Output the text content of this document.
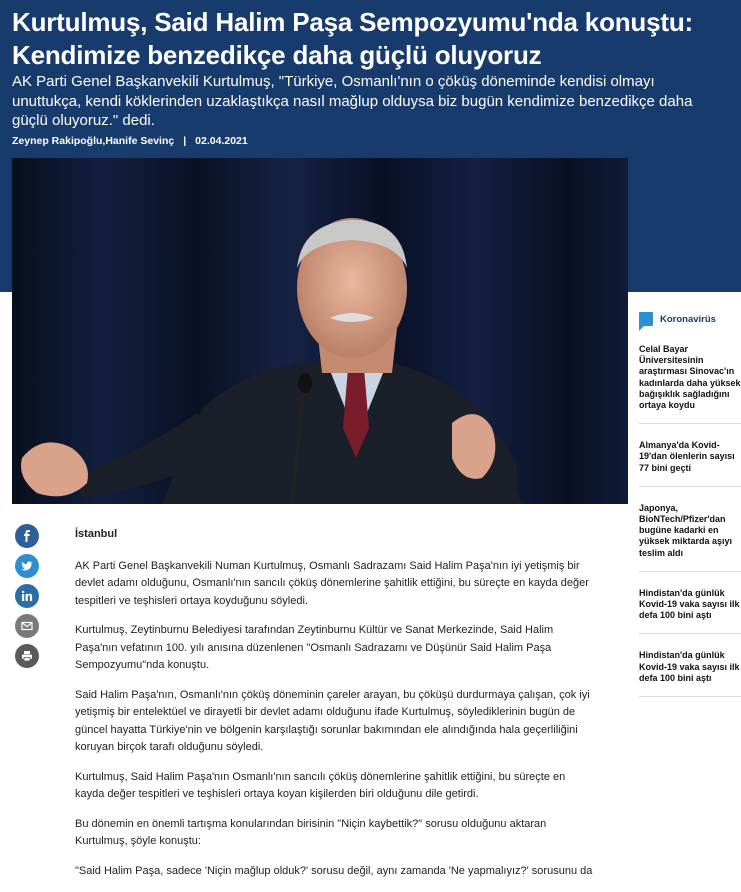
Kurtulmuş, Said Halim Paşa Sempozyumu'nda konuştu:
Kendimize benzedikçe daha güçlü oluyoruz

AK Parti Genel Başkanvekili Kurtulmuş, "Türkiye, Osmanlı'nın o çöküş döneminde kendisi olmayı unuttukça, kendi köklerinden uzaklaştıkça nasıl mağlup olduysa biz bugün kendimize benzedikçe daha güçlü oluyoruz." dedi.

Zeynep Rakipoğlu,Hanife Sevinç | 02.04.2021
İstanbul

AK Parti Genel Başkanvekili Numan Kurtulmuş, Osmanlı Sadrazamı Said Halim Paşa'nın iyi yetişmiş bir devlet adamı olduğunu, Osmanlı'nın sancılı çöküş dönemlerine şahitlik ettiğini, bu süreçte en kayda değer tespitleri ve teşhisleri ortaya koyduğunu söyledi.

Kurtulmuş, Zeytinburnu Belediyesi tarafından Zeytinburnu Kültür ve Sanat Merkezinde, Said Halim Paşa'nın vefatının 100. yılı anısına düzenlenen "Osmanlı Sadrazamı ve Düşünür Said Halim Paşa Sempozyumu"nda konuştu.

Said Halim Paşa'nın, Osmanlı'nın çöküş döneminin çareler arayan, bu çöküşü durdurmaya çalışan, çok iyi yetişmiş bir entelektüel ve dirayetli bir devlet adamı olduğunu ifade Kurtulmuş, söylediklerinin bugün de güncel hayatta Türkiye'nin ve bölgenin karşılaştığı sorunlar bakımından ele alındığında hala geçerliliğini koruyan birçok tarafı olduğunu söyledi.

Kurtulmuş, Said Halim Paşa'nın Osmanlı'nın sancılı çöküş dönemlerine şahitlik ettiğini, bu süreçte en kayda değer tespitleri ve teşhisleri ortaya koyan kişilerden biri olduğunu dile getirdi.

Bu dönemin en önemli tartışma konularından birisinin "Niçin kaybettik?" sorusu olduğunu aktaran Kurtulmuş, şöyle konuştu:

"Said Halim Paşa, sadece 'Niçin mağlup olduk?' sorusu değil, aynı zamanda 'Ne yapmalıyız?' sorusunu da

Koronavirüs
Celal Bayar Üniversitesinin araştırması Sinovac'ın kadınlarda daha yüksek bağışıklık sağladığını ortaya koydu
Almanya'da Kovid-19'dan ölenlerin sayısı 77 bini geçti
Japonya, BioNTech/Pfizer'dan bugüne kadarki en yüksek miktarda aşıyı teslim aldı
Hindistan'da günlük Kovid-19 vaka sayısı ilk defa 100 bini aştı
Hindistan'da günlük Kovid-19 vaka sayısı ilk defa 100 bini aştı
